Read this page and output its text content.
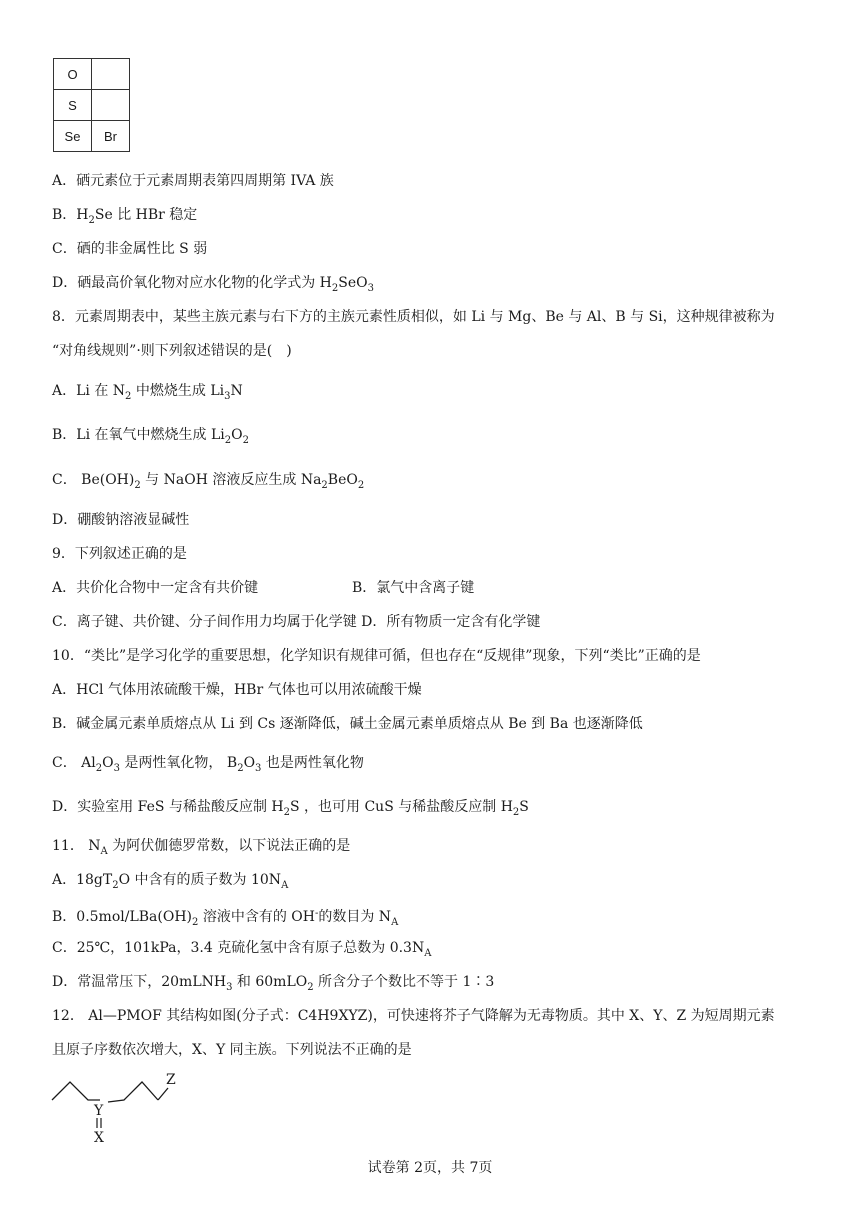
O	
S	
Se	Br
A．硒元素位于元素周期表第四周期第 IVA 族
B．$H_2Se$ 比 HBr 稳定
C．硒的非金属性比 S 弱
D．硒最高价氧化物对应水化物的化学式为 $H_2SeO_3$
8．元素周期表中，某些主族元素与右下方的主族元素性质相似，如 Li 与 Mg、Be 与 Al、B 与 Si，这种规律被称为
“对角线规则”·则下列叙述错误的是(　)
A．Li 在 $N_2$ 中燃烧生成 $Li_3N$
B．Li 在氧气中燃烧生成 $Li_2O_2$
C． $Be(OH)_2$ 与 NaOH 溶液反应生成 $Na_2BeO_2$
D．硼酸钠溶液显碱性
9．下列叙述正确的是
A．共价化合物中一定含有共价键	B．氯气中含离子键
C．离子键、共价键、分子间作用力均属于化学键 D．所有物质一定含有化学键
10．“类比”是学习化学的重要思想，化学知识有规律可循，但也存在“反规律”现象，下列“类比”正确的是
A．HCl 气体用浓硫酸干燥，HBr 气体也可以用浓硫酸干燥
B．碱金属元素单质熔点从 Li 到 Cs 逐渐降低，碱土金属元素单质熔点从 Be 到 Ba 也逐渐降低
C． $Al_2O_3$ 是两性氧化物， $B_2O_3$ 也是两性氧化物
D．实验室用 FeS 与稀盐酸反应制 $H_2S$ ，也可用 CuS 与稀盐酸反应制 $H_2S$
11． $N_A$ 为阿伏伽德罗常数，以下说法正确的是
A．$18gT_2O$ 中含有的质子数为 $10N_A$
B．$0.5mol/LBa(OH)_2$ 溶液中含有的 OH-的数目为 $N_A$
C．25℃，101kPa，3.4 克硫化氢中含有原子总数为 $0.3N_A$
D．常温常压下，20mLNH$_3$ 和 60mLO$_2$ 所含分子个数比不等于 1∶3
12． Al—PMOF 其结构如图(分子式：C4H9XYZ)，可快速将芥子气降解为无毒物质。其中 X、Y、Z 为短周期元素
且原子序数依次增大，X、Y 同主族。下列说法不正确的是
Y
X
Z
试卷第 2页，共 7页
